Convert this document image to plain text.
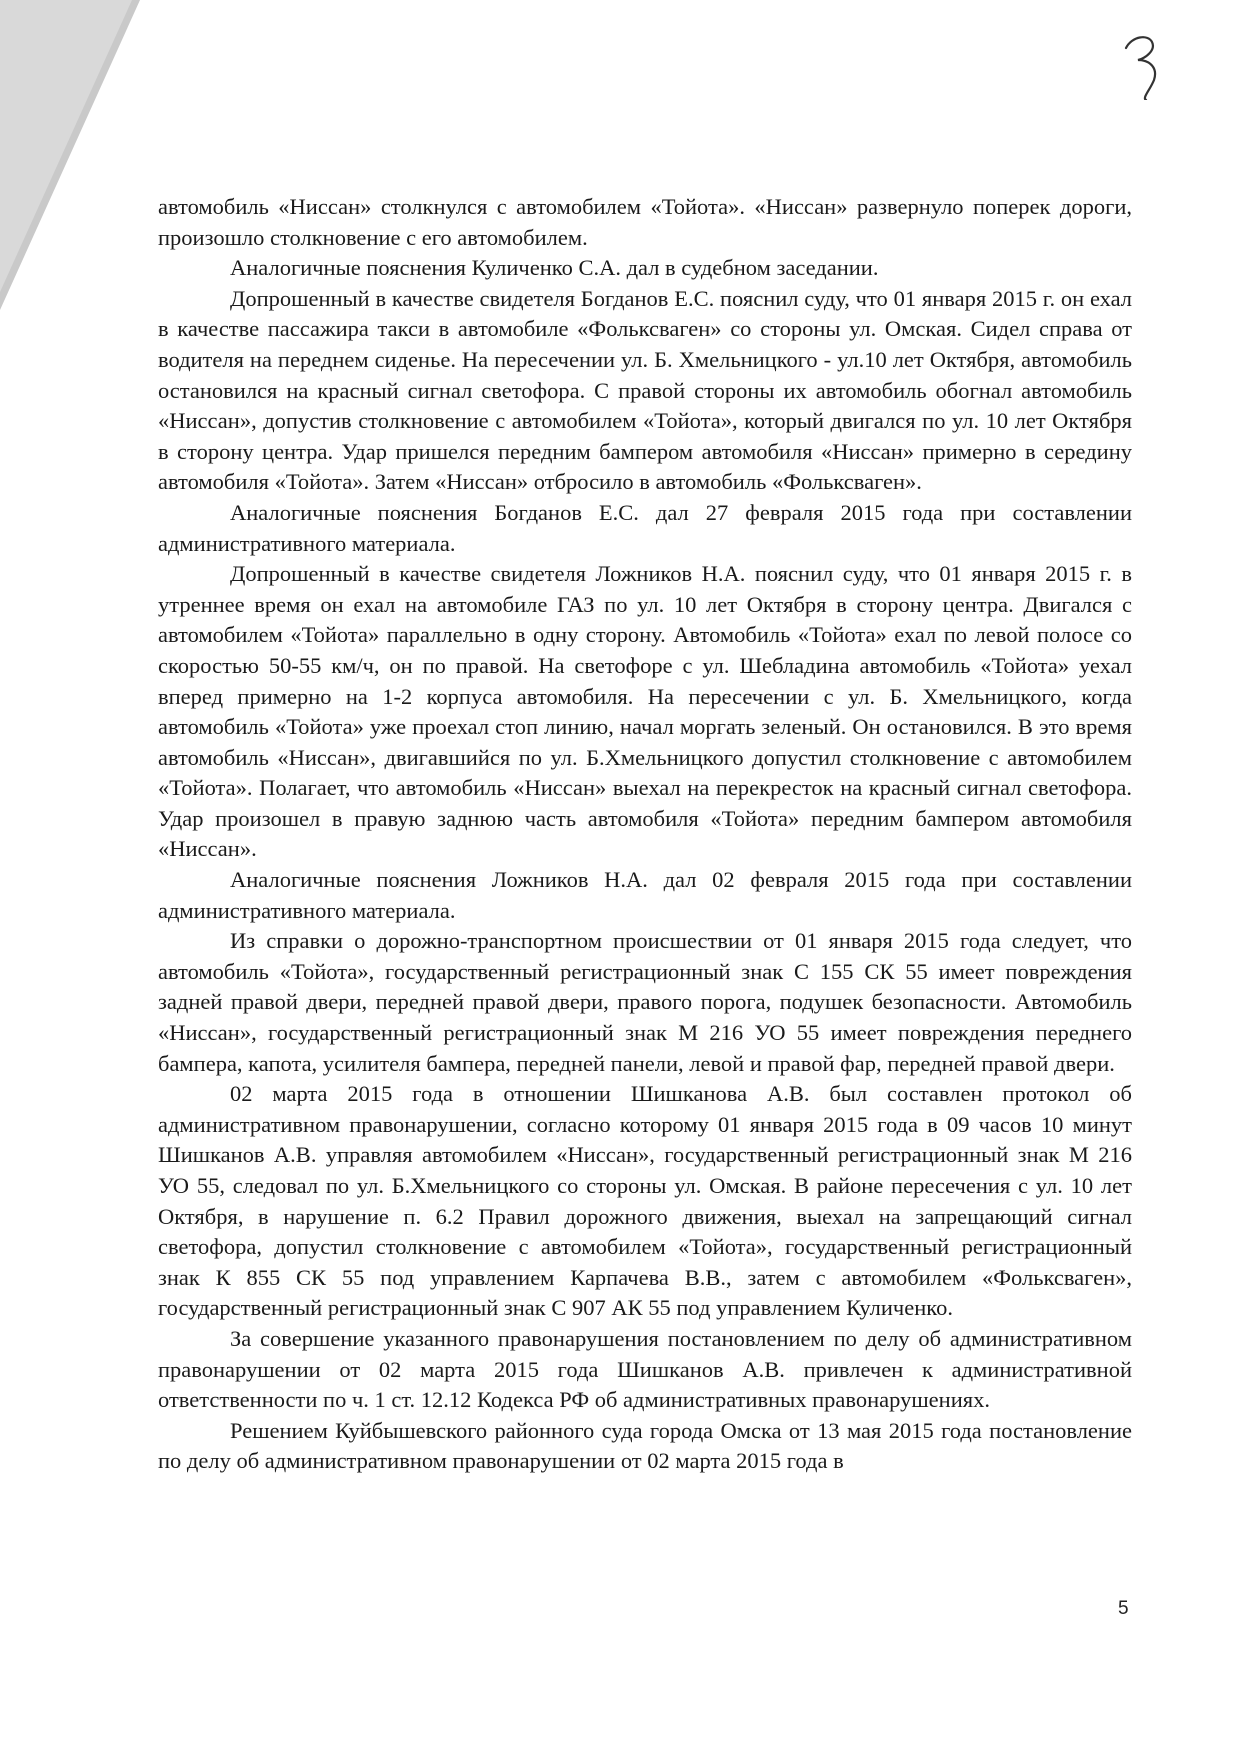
автомобиль «Ниссан» столкнулся с автомобилем «Тойота». «Ниссан» развернуло поперек дороги, произошло столкновение с его автомобилем.

Аналогичные пояснения Куличенко С.А. дал в судебном заседании.

Допрошенный в качестве свидетеля Богданов Е.С. пояснил суду, что 01 января 2015 г. он ехал в качестве пассажира такси в автомобиле «Фольксваген» со стороны ул. Омская. Сидел справа от водителя на переднем сиденье. На пересечении ул. Б. Хмельницкого - ул.10 лет Октября, автомобиль остановился на красный сигнал светофора. С правой стороны их автомобиль обогнал автомобиль «Ниссан», допустив столкновение с автомобилем «Тойота», который двигался по ул. 10 лет Октября в сторону центра. Удар пришелся передним бампером автомобиля «Ниссан» примерно в середину автомобиля «Тойота». Затем «Ниссан» отбросило в автомобиль «Фольксваген».

Аналогичные пояснения Богданов Е.С. дал 27 февраля 2015 года при составлении административного материала.

Допрошенный в качестве свидетеля Ложников Н.А. пояснил суду, что 01 января 2015 г. в утреннее время он ехал на автомобиле ГАЗ по ул. 10 лет Октября в сторону центра. Двигался с автомобилем «Тойота» параллельно в одну сторону. Автомобиль «Тойота» ехал по левой полосе со скоростью 50-55 км/ч, он по правой. На светофоре с ул. Шебладина автомобиль «Тойота» уехал вперед примерно на 1-2 корпуса автомобиля. На пересечении с ул. Б. Хмельницкого, когда автомобиль «Тойота» уже проехал стоп линию, начал моргать зеленый. Он остановился. В это время автомобиль «Ниссан», двигавшийся по ул. Б.Хмельницкого допустил столкновение с автомобилем «Тойота». Полагает, что автомобиль «Ниссан» выехал на перекресток на красный сигнал светофора. Удар произошел в правую заднюю часть автомобиля «Тойота» передним бампером автомобиля «Ниссан».

Аналогичные пояснения Ложников Н.А. дал 02 февраля 2015 года при составлении административного материала.

Из справки о дорожно-транспортном происшествии от 01 января 2015 года следует, что автомобиль «Тойота», государственный регистрационный знак С 155 СК 55 имеет повреждения задней правой двери, передней правой двери, правого порога, подушек безопасности. Автомобиль «Ниссан», государственный регистрационный знак М 216 УО 55 имеет повреждения переднего бампера, капота, усилителя бампера, передней панели, левой и правой фар, передней правой двери.

02 марта 2015 года в отношении Шишканова А.В. был составлен протокол об административном правонарушении, согласно которому 01 января 2015 года в 09 часов 10 минут Шишканов А.В. управляя автомобилем «Ниссан», государственный регистрационный знак М 216 УО 55, следовал по ул. Б.Хмельницкого со стороны ул. Омская. В районе пересечения с ул. 10 лет Октября, в нарушение п. 6.2 Правил дорожного движения, выехал на запрещающий сигнал светофора, допустил столкновение с автомобилем «Тойота», государственный регистрационный знак К 855 СК 55 под управлением Карпачева В.В., затем с автомобилем «Фольксваген», государственный регистрационный знак С 907 АК 55 под управлением Куличенко.

За совершение указанного правонарушения постановлением по делу об административном правонарушении от 02 марта 2015 года Шишканов А.В. привлечен к административной ответственности по ч. 1 ст. 12.12 Кодекса РФ об административных правонарушениях.

Решением Куйбышевского районного суда города Омска от 13 мая 2015 года постановление по делу об административном правонарушении от 02 марта 2015 года в

5
